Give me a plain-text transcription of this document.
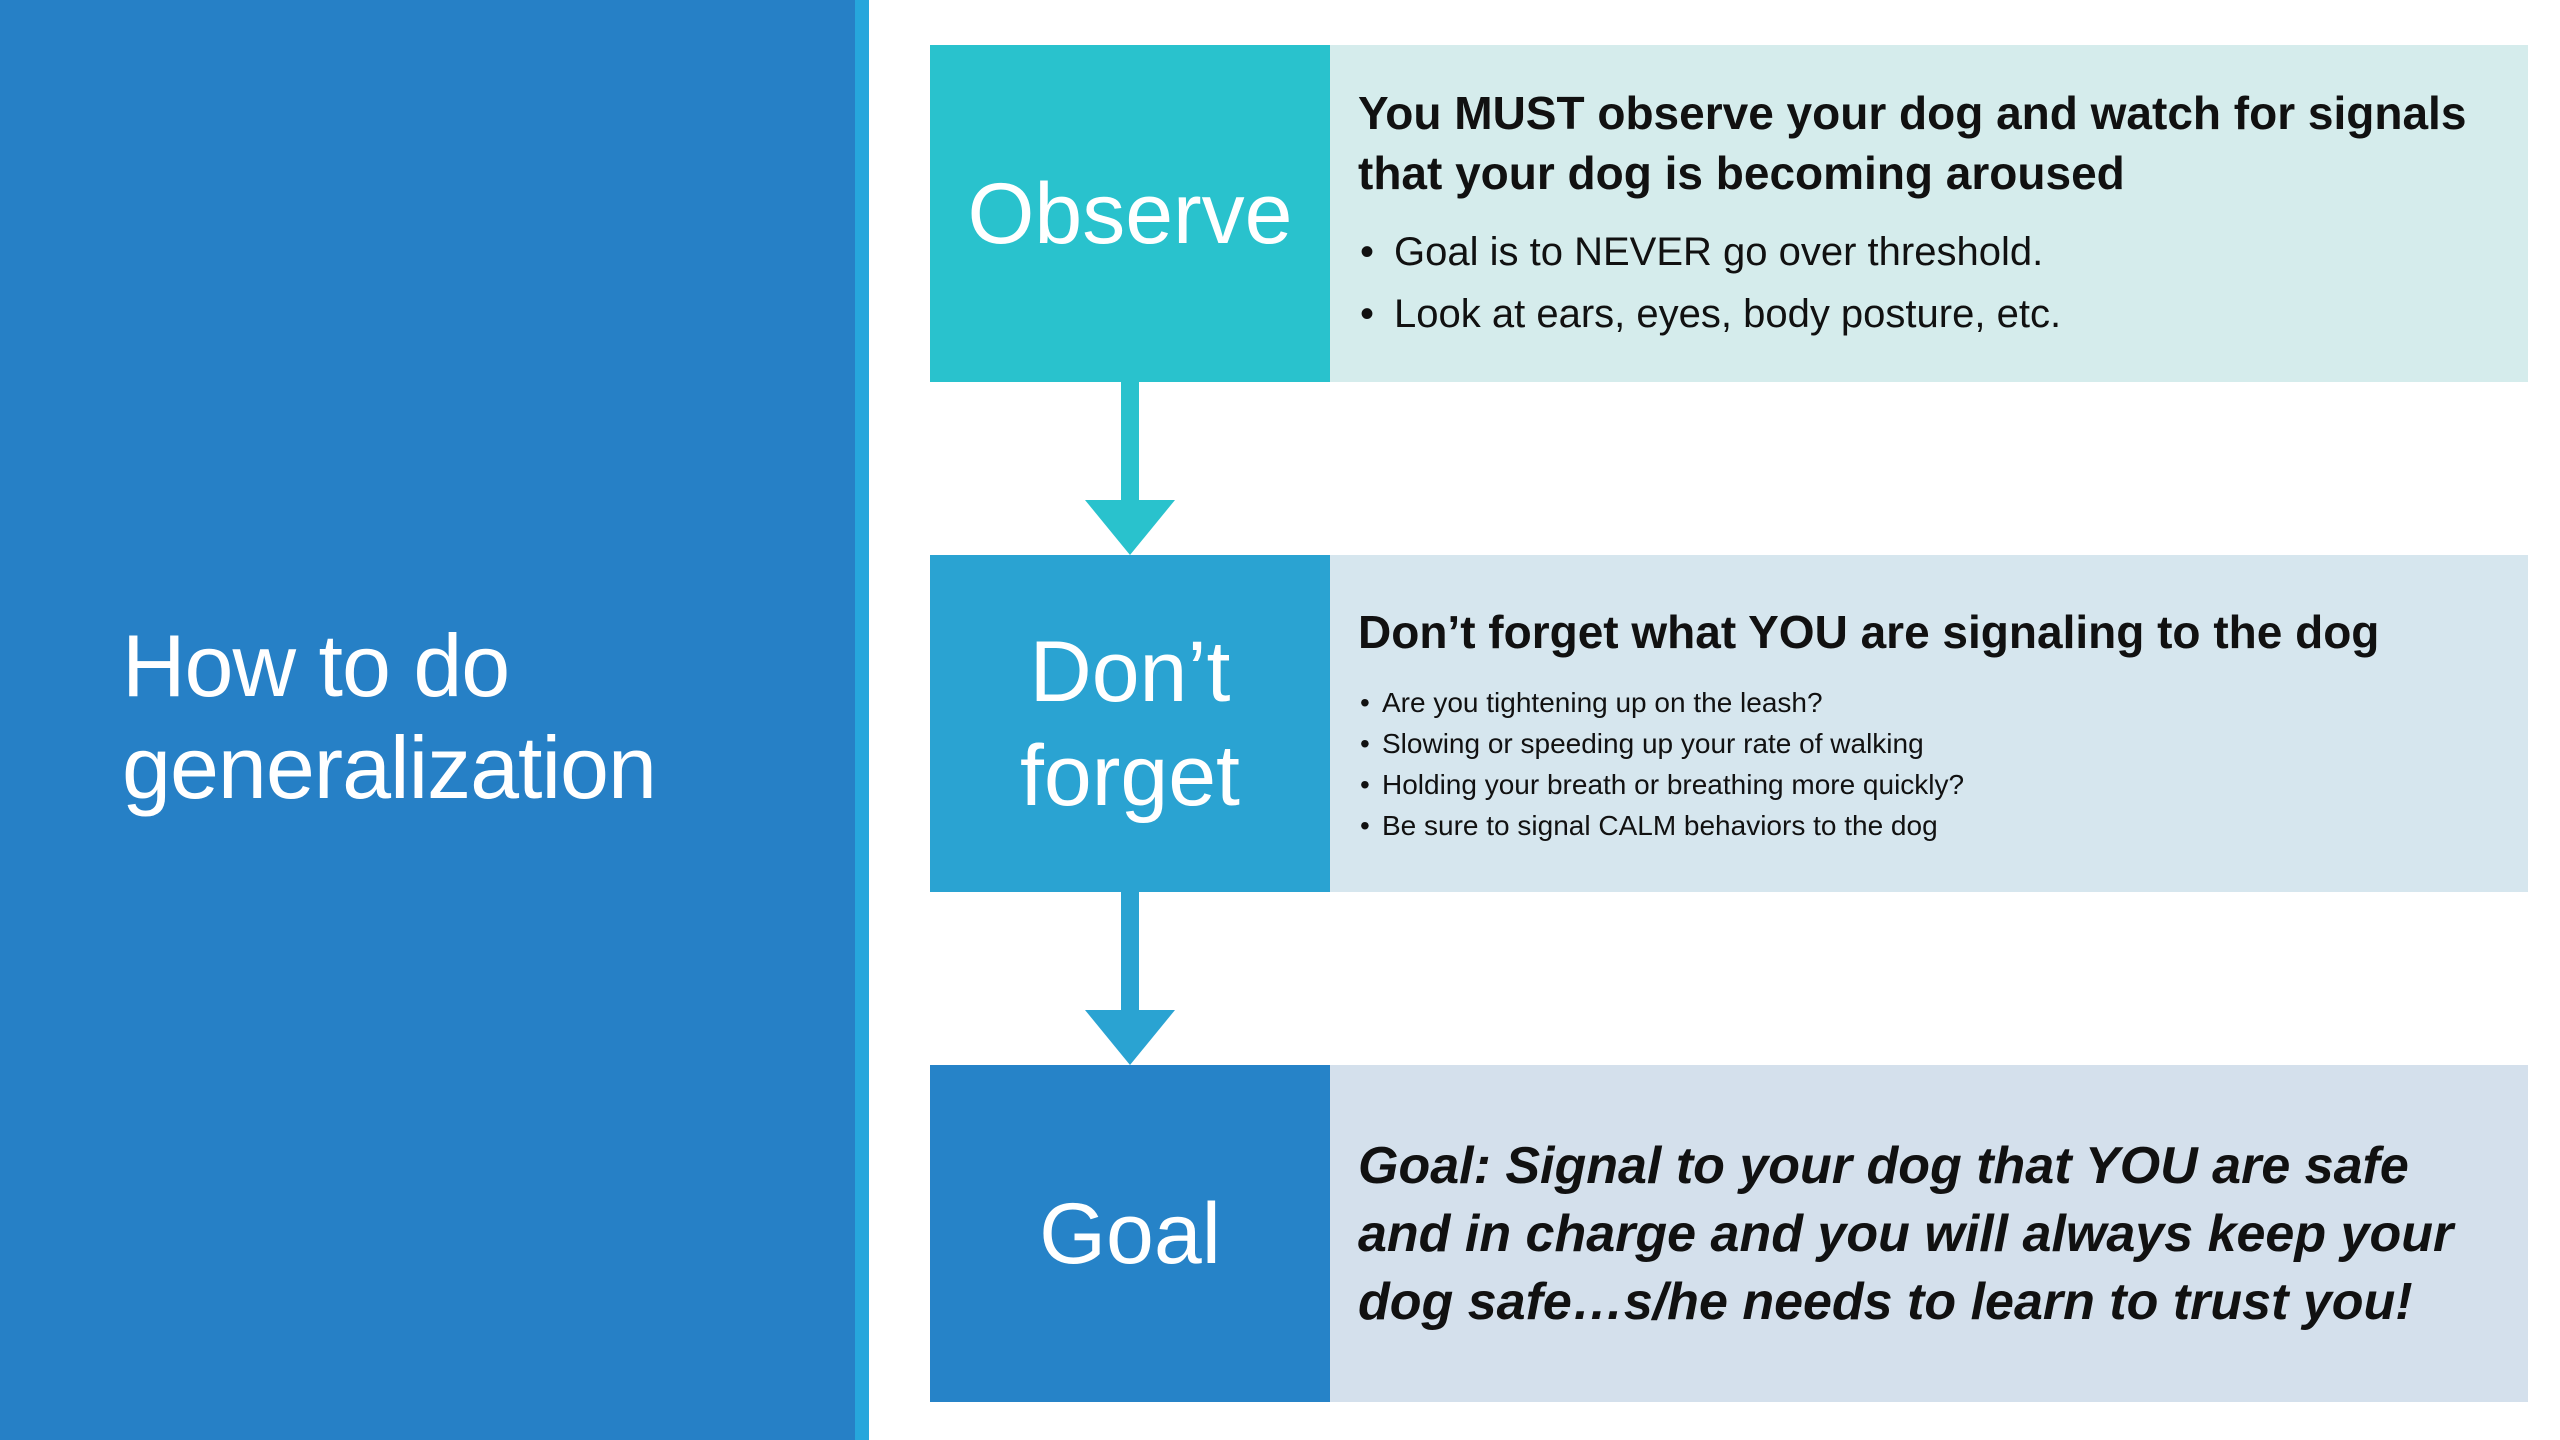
How to do
generalization
Observe

You MUST observe your dog and watch for signals that your dog is becoming aroused

• Goal is to NEVER go over threshold.
• Look at ears, eyes, body posture, etc.
Don’t
forget

Don’t forget what YOU are signaling to the dog

• Are you tightening up on the leash?
• Slowing or speeding up your rate of walking
• Holding your breath or breathing more quickly?
• Be sure to signal CALM behaviors to the dog
Goal

Goal: Signal to your dog that YOU are safe and in charge and you will always keep your dog safe…s/he needs to learn to trust you!
